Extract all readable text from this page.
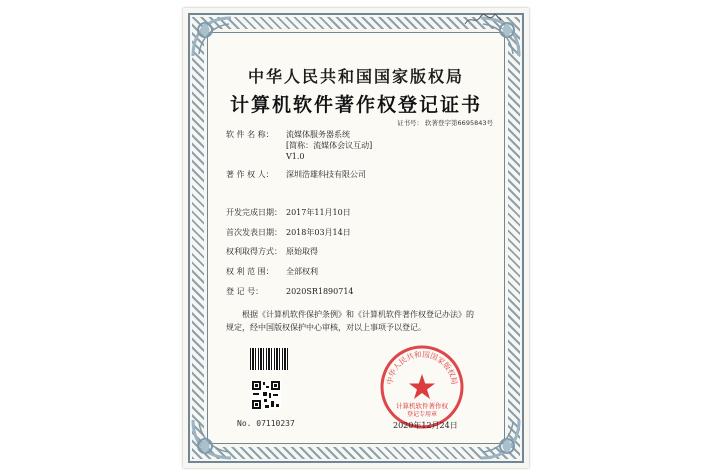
中华人民共和国国家版权局
计算机软件著作权登记证书
证书号： 软著登字第6695843号
软 件 名 称： 流媒体服务器系统
[简称：流媒体会议互动]
V1.0
著 作 权 人： 深圳浩雄科技有限公司
开发完成日期： 2017年11月10日
首次发表日期： 2018年03月14日
权利取得方式： 原始取得
权 利 范 围： 全部权利
登 记 号：	2020SR1890714
根据《计算机软件保护条例》和《计算机软件著作权登记办法》的
规定，经中国版权保护中心审核，对以上事项予以登记。
No. 07110237
中华人民共和国国家版权局
计算机软件著作权
登记专用章
2020年12月24日
